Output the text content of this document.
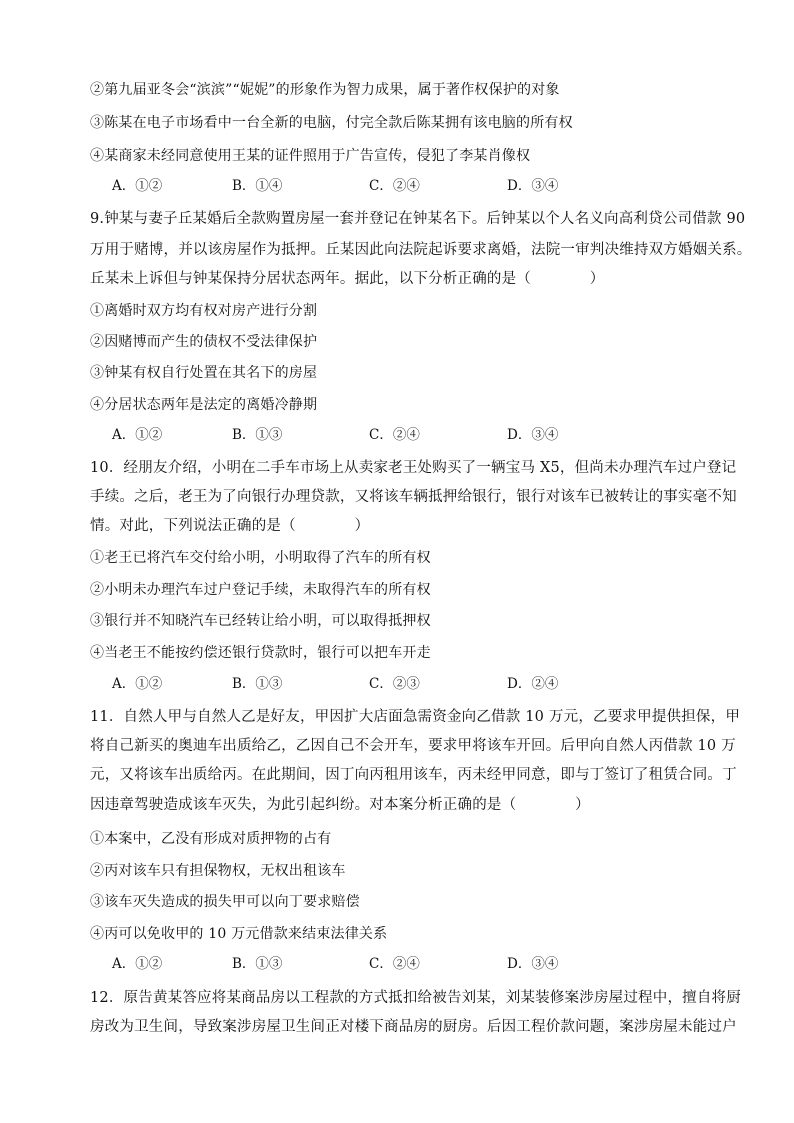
②第九届亚冬会“滨滨”“妮妮”的形象作为智力成果，属于著作权保护的对象
③陈某在电子市场看中一台全新的电脑，付完全款后陈某拥有该电脑的所有权
④某商家未经同意使用王某的证件照用于广告宣传，侵犯了李某肖像权
A．①②	B．①④	C．②④	D．③④
9.钟某与妻子丘某婚后全款购置房屋一套并登记在钟某名下。后钟某以个人名义向高利贷公司借款 90
万用于赌博，并以该房屋作为抵押。丘某因此向法院起诉要求离婚，法院一审判决维持双方婚姻关系。
丘某未上诉但与钟某保持分居状态两年。据此，以下分析正确的是（　　　　）
①离婚时双方均有权对房产进行分割
②因赌博而产生的债权不受法律保护
③钟某有权自行处置在其名下的房屋
④分居状态两年是法定的离婚冷静期
A．①②	B．①③	C．②④	D．③④
10．经朋友介绍，小明在二手车市场上从卖家老王处购买了一辆宝马 X5，但尚未办理汽车过户登记
手续。之后，老王为了向银行办理贷款，又将该车辆抵押给银行，银行对该车已被转让的事实毫不知
情。对此，下列说法正确的是（　　　　）
①老王已将汽车交付给小明，小明取得了汽车的所有权
②小明未办理汽车过户登记手续，未取得汽车的所有权
③银行并不知晓汽车已经转让给小明，可以取得抵押权
④当老王不能按约偿还银行贷款时，银行可以把车开走
A．①②	B．①③	C．②③	D．②④
11．自然人甲与自然人乙是好友，甲因扩大店面急需资金向乙借款 10 万元，乙要求甲提供担保，甲
将自己新买的奥迪车出质给乙，乙因自己不会开车，要求甲将该车开回。后甲向自然人丙借款 10 万
元，又将该车出质给丙。在此期间，因丁向丙租用该车，丙未经甲同意，即与丁签订了租赁合同。丁
因违章驾驶造成该车灭失，为此引起纠纷。对本案分析正确的是（　　　　）
①本案中，乙没有形成对质押物的占有
②丙对该车只有担保物权，无权出租该车
③该车灭失造成的损失甲可以向丁要求赔偿
④丙可以免收甲的 10 万元借款来结束法律关系
A．①②	B．①③	C．②④	D．③④
12．原告黄某答应将某商品房以工程款的方式抵扣给被告刘某，刘某装修案涉房屋过程中，擅自将厨
房改为卫生间，导致案涉房屋卫生间正对楼下商品房的厨房。后因工程价款问题，案涉房屋未能过户
